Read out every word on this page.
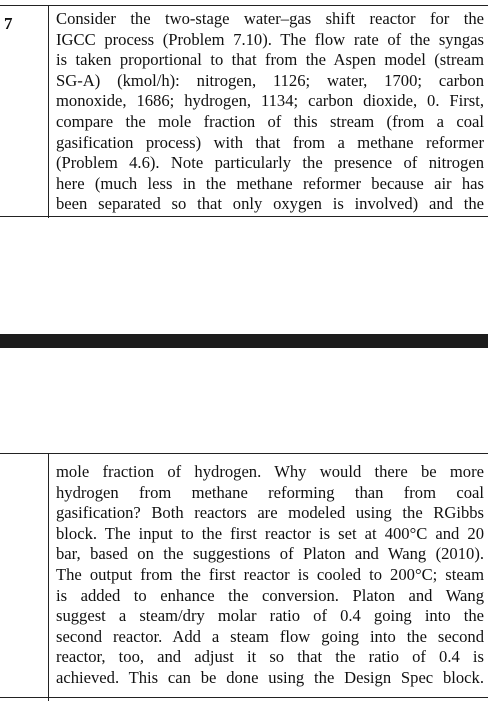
7	Consider the two-stage water–gas shift reactor for the
IGCC process (Problem 7.10). The flow rate of the syngas
is taken proportional to that from the Aspen model (stream
SG-A) (kmol/h): nitrogen, 1126; water, 1700; carbon
monoxide, 1686; hydrogen, 1134; carbon dioxide, 0. First,
compare the mole fraction of this stream (from a coal
gasification process) with that from a methane reformer
(Problem 4.6). Note particularly the presence of nitrogen
here (much less in the methane reformer because air has
been separated so that only oxygen is involved) and the
mole fraction of hydrogen. Why would there be more
hydrogen from methane reforming than from coal
gasification? Both reactors are modeled using the RGibbs
block. The input to the first reactor is set at 400°C and 20
bar, based on the suggestions of Platon and Wang (2010).
The output from the first reactor is cooled to 200°C; steam
is added to enhance the conversion. Platon and Wang
suggest a steam/dry molar ratio of 0.4 going into the
second reactor. Add a steam flow going into the second
reactor, too, and adjust it so that the ratio of 0.4 is
achieved. This can be done using the Design Spec block.
